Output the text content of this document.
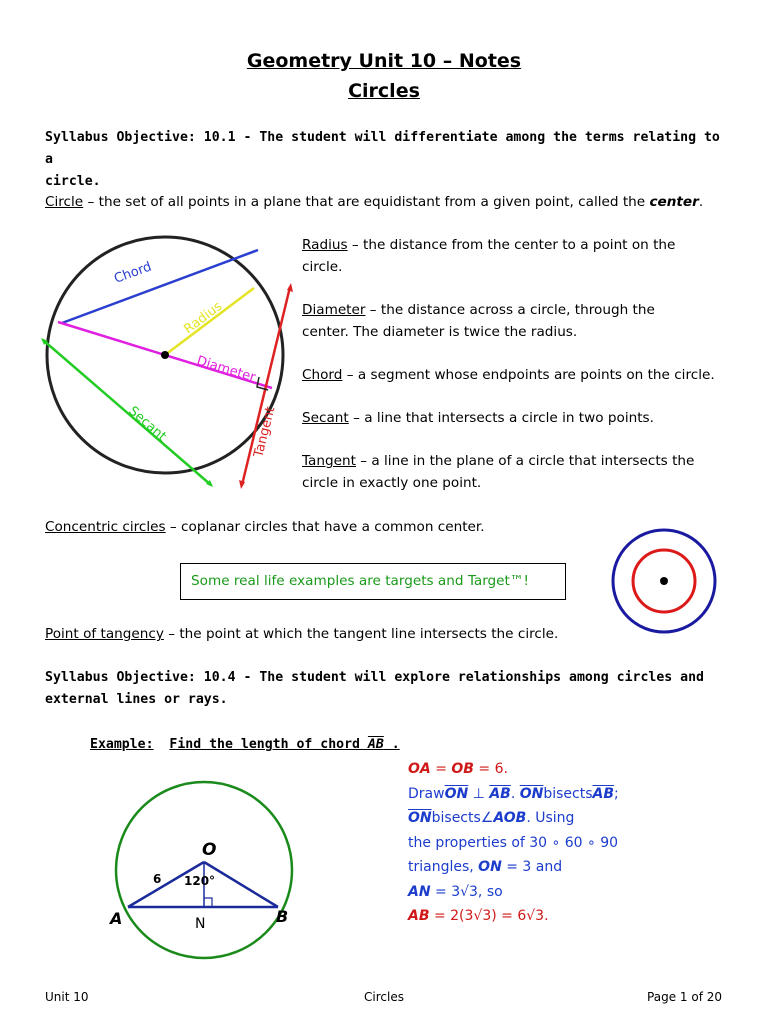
Geometry Unit 10 – Notes
Circles
Syllabus Objective: 10.1 - The student will differentiate among the terms relating to a
circle.
Circle – the set of all points in a plane that are equidistant from a given point, called the center.
Chord
Radius
Diameter
Secant	Tangent
Radius – the distance from the center to a point on the
circle.
Diameter – the distance across a circle, through the
center. The diameter is twice the radius.
Chord – a segment whose endpoints are points on the circle.
Secant – a line that intersects a circle in two points.
Tangent – a line in the plane of a circle that intersects the
circle in exactly one point.
Concentric circles – coplanar circles that have a common center.
Some real life examples are targets and Target™!
Point of tangency – the point at which the tangent line intersects the circle.
Syllabus Objective: 10.4 - The student will explore relationships among circles and
external lines or rays.
Example: Find the length of chord AB .
O
A	B
N
6 120°
OA = OB = 6.
$Draw\overline{ON}$ ⊥ $\overline{AB}$. $\overline{ON}bisects\overline{AB}$;
$\overline{ON}bisects\angle AOB$. Using
the properties of 30 ∘ 60 ∘ 90
triangles, ON = 3 and
AN = 3√3, so
AB = 2(3√3) = 6√3.
Unit 10	Circles	Page 1 of 20
